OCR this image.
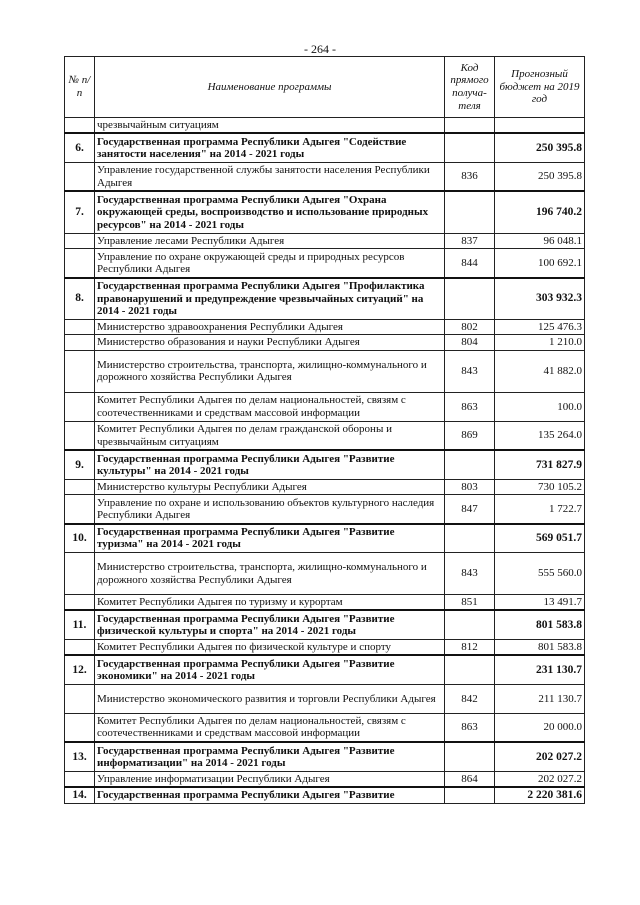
- 264 -
№ п/п	Наименование программы	Код прямого получа- теля	Прогнозный бюджет на 2019 год
	чрезвычайным ситуациям		
6.	Государственная программа Республики Адыгея "Содействие занятости населения" на 2014 - 2021 годы		250 395.8
	Управление государственной службы занятости населения Республики Адыгея	836	250 395.8
7.	Государственная программа Республики Адыгея "Охрана окружающей среды, воспроизводство и использование природных ресурсов" на 2014 - 2021 годы		196 740.2
	Управление лесами Республики Адыгея	837	96 048.1
	Управление по охране окружающей среды и природных ресурсов Республики Адыгея	844	100 692.1
8.	Государственная программа Республики Адыгея "Профилактика правонарушений и предупреждение чрезвычайных ситуаций" на 2014 - 2021 годы		303 932.3
	Министерство здравоохранения Республики Адыгея	802	125 476.3
	Министерство образования и науки Республики Адыгея	804	1 210.0
	Министерство строительства, транспорта, жилищно-коммунального и дорожного хозяйства Республики Адыгея	843	41 882.0
	Комитет Республики Адыгея по делам национальностей, связям с соотечественниками и средствам массовой информации	863	100.0
	Комитет Республики Адыгея по делам гражданской обороны и чрезвычайным ситуациям	869	135 264.0
9.	Государственная программа Республики Адыгея "Развитие культуры" на 2014 - 2021 годы		731 827.9
	Министерство культуры Республики Адыгея	803	730 105.2
	Управление по охране и использованию объектов культурного наследия Республики Адыгея	847	1 722.7
10.	Государственная программа Республики Адыгея "Развитие туризма" на 2014 - 2021 годы		569 051.7
	Министерство строительства, транспорта, жилищно-коммунального и дорожного хозяйства Республики Адыгея	843	555 560.0
	Комитет Республики Адыгея по туризму и курортам	851	13 491.7
11.	Государственная программа Республики Адыгея "Развитие физической культуры и спорта" на 2014 - 2021 годы		801 583.8
	Комитет Республики Адыгея по физической культуре и спорту	812	801 583.8
12.	Государственная программа Республики Адыгея "Развитие экономики" на 2014 - 2021 годы		231 130.7
	Министерство экономического развития и торговли Республики Адыгея	842	211 130.7
	Комитет Республики Адыгея по делам национальностей, связям с соотечественниками и средствам массовой информации	863	20 000.0
13.	Государственная программа Республики Адыгея "Развитие информатизации" на 2014 - 2021 годы		202 027.2
	Управление информатизации Республики Адыгея	864	202 027.2
14.	Государственная программа Республики Адыгея "Развитие		2 220 381.6
